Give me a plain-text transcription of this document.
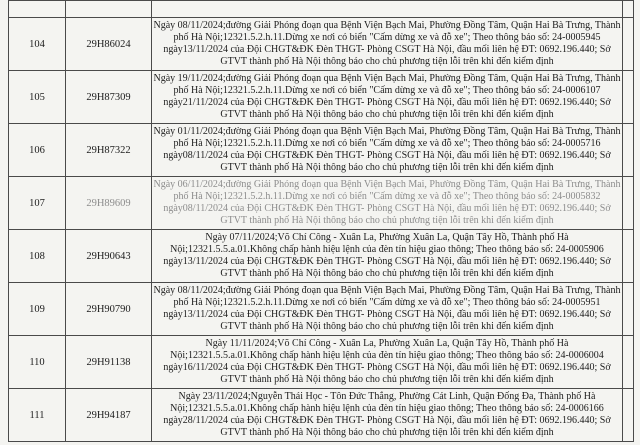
104	29H86024	Ngày 08/11/2024;đường Giải Phóng đoạn qua Bệnh Viện Bạch Mai, Phường Đồng Tâm, Quận Hai Bà Trưng, Thành phố Hà Nội;12321.5.2.h.11.Dừng xe nơi có biển "Cấm dừng xe và đỗ xe"; Theo thông báo số: 24-0005945 ngày13/11/2024 của Đội CHGT&ĐK Đèn THGT- Phòng CSGT Hà Nội, đầu mối liên hệ ĐT: 0692.196.440; Sở GTVT thành phố Hà Nội thông báo cho chủ phương tiện lỗi trên khi đến kiểm định	
105	29H87309	Ngày 19/11/2024;đường Giải Phóng đoạn qua Bệnh Viện Bạch Mai, Phường Đồng Tâm, Quận Hai Bà Trưng, Thành phố Hà Nội;12321.5.2.h.11.Dừng xe nơi có biển "Cấm dừng xe và đỗ xe"; Theo thông báo số: 24-0006107 ngày21/11/2024 của Đội CHGT&ĐK Đèn THGT- Phòng CSGT Hà Nội, đầu mối liên hệ ĐT: 0692.196.440; Sở GTVT thành phố Hà Nội thông báo cho chủ phương tiện lỗi trên khi đến kiểm định	
106	29H87322	Ngày 01/11/2024;đường Giải Phóng đoạn qua Bệnh Viện Bạch Mai, Phường Đồng Tâm, Quận Hai Bà Trưng, Thành phố Hà Nội;12321.5.2.h.11.Dừng xe nơi có biển "Cấm dừng xe và đỗ xe"; Theo thông báo số: 24-0005716 ngày08/11/2024 của Đội CHGT&ĐK Đèn THGT- Phòng CSGT Hà Nội, đầu mối liên hệ ĐT: 0692.196.440; Sở GTVT thành phố Hà Nội thông báo cho chủ phương tiện lỗi trên khi đến kiểm định	
107	29H89609	Ngày 06/11/2024;đường Giải Phóng đoạn qua Bệnh Viện Bạch Mai, Phường Đồng Tâm, Quận Hai Bà Trưng, Thành phố Hà Nội;12321.5.2.h.11.Dừng xe nơi có biển "Cấm dừng xe và đỗ xe"; Theo thông báo số: 24-0005832 ngày08/11/2024 của Đội CHGT&ĐK Đèn THGT- Phòng CSGT Hà Nội, đầu mối liên hệ ĐT: 0692.196.440; Sở GTVT thành phố Hà Nội thông báo cho chủ phương tiện lỗi trên khi đến kiểm định	
108	29H90643	Ngày 07/11/2024;Võ Chí Công - Xuân La, Phường Xuân La, Quận Tây Hồ, Thành phố Hà Nội;12321.5.5.a.01.Không chấp hành hiệu lệnh của đèn tín hiệu giao thông; Theo thông báo số: 24-0005906 ngày13/11/2024 của Đội CHGT&ĐK Đèn THGT- Phòng CSGT Hà Nội, đầu mối liên hệ ĐT: 0692.196.440; Sở GTVT thành phố Hà Nội thông báo cho chủ phương tiện lỗi trên khi đến kiểm định	
109	29H90790	Ngày 08/11/2024;đường Giải Phóng đoạn qua Bệnh Viện Bạch Mai, Phường Đồng Tâm, Quận Hai Bà Trưng, Thành phố Hà Nội;12321.5.2.h.11.Dừng xe nơi có biển "Cấm dừng xe và đỗ xe"; Theo thông báo số: 24-0005951 ngày13/11/2024 của Đội CHGT&ĐK Đèn THGT- Phòng CSGT Hà Nội, đầu mối liên hệ ĐT: 0692.196.440; Sở GTVT thành phố Hà Nội thông báo cho chủ phương tiện lỗi trên khi đến kiểm định	
110	29H91138	Ngày 11/11/2024;Võ Chí Công - Xuân La, Phường Xuân La, Quận Tây Hồ, Thành phố Hà Nội;12321.5.5.a.01.Không chấp hành hiệu lệnh của đèn tín hiệu giao thông; Theo thông báo số: 24-0006004 ngày16/11/2024 của Đội CHGT&ĐK Đèn THGT- Phòng CSGT Hà Nội, đầu mối liên hệ ĐT: 0692.196.440; Sở GTVT thành phố Hà Nội thông báo cho chủ phương tiện lỗi trên khi đến kiểm định	
111	29H94187	Ngày 23/11/2024;Nguyễn Thái Học - Tôn Đức Thắng, Phường Cát Linh, Quận Đống Đa, Thành phố Hà Nội;12321.5.5.a.01.Không chấp hành hiệu lệnh của đèn tín hiệu giao thông; Theo thông báo số: 24-0006166 ngày28/11/2024 của Đội CHGT&ĐK Đèn THGT- Phòng CSGT Hà Nội, đầu mối liên hệ ĐT: 0692.196.440; Sở GTVT thành phố Hà Nội thông báo cho chủ phương tiện lỗi trên khi đến kiểm định	
